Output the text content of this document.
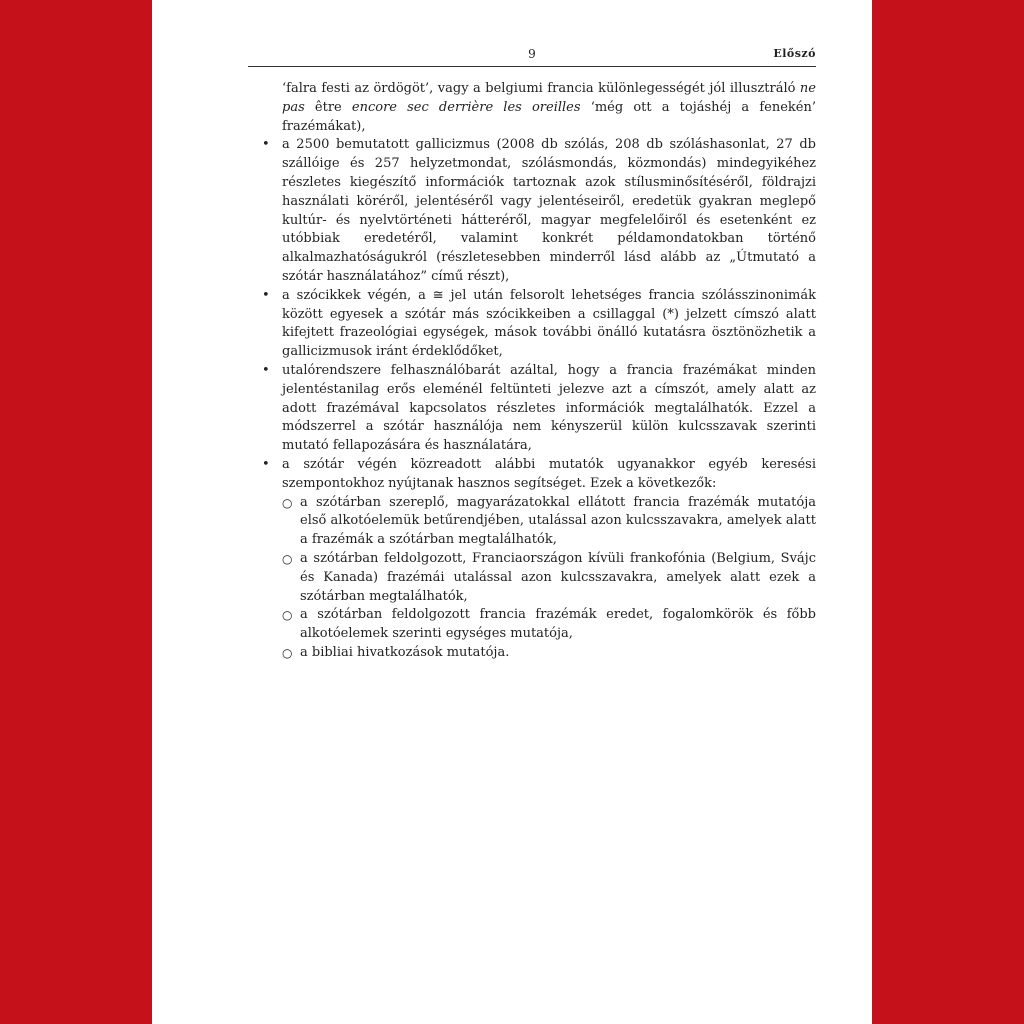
9	Előszó

‘falra festi az ördögöt’, vagy a belgiumi francia különlegességét jól illusztráló ne pas être encore sec derrière les oreilles ‘még ott a tojáshéj a fenekén’ frazémákat),

• a 2500 bemutatott gallicizmus (2008 db szólás, 208 db szóláshasonlat, 27 db szállóige és 257 helyzetmondat, szólásmondás, közmondás) mindegyikéhez részletes kiegészítő információk tartoznak azok stílusminősítéséről, földrajzi használati köréről, jelentéséről vagy jelentéseiről, eredetük gyakran meglepő kultúr- és nyelvtörténeti hátteréről, magyar megfelelőiről és esetenként ez utóbbiak eredetéről, valamint konkrét példamondatokban történő alkalmazhatóságukról (részletesebben minderről lásd alább az „Útmutató a szótár használatához” című részt),
• a szócikkek végén, a ≅ jel után felsorolt lehetséges francia szólásszinonimák között egyesek a szótár más szócikkeiben a csillaggal (*) jelzett címszó alatt kifejtett frazeológiai egységek, mások további önálló kutatásra ösztönözhetik a gallicizmusok iránt érdeklődőket,
• utalórendszere felhasználóbarát azáltal, hogy a francia frazémákat minden jelentéstanilag erős eleménél feltünteti jelezve azt a címszót, amely alatt az adott frazémával kapcsolatos részletes információk megtalálhatók. Ezzel a módszerrel a szótár használója nem kényszerül külön kulcsszavak szerinti mutató fellapozására és használatára,
• a szótár végén közreadott alábbi mutatók ugyanakkor egyéb keresési szempontokhoz nyújtanak hasznos segítséget. Ezek a következők:
○ a szótárban szereplő, magyarázatokkal ellátott francia frazémák mutatója első alkotóelemük betűrendjében, utalással azon kulcsszavakra, amelyek alatt a frazémák a szótárban megtalálhatók,
○ a szótárban feldolgozott, Franciaországon kívüli frankofónia (Belgium, Svájc és Kanada) frazémái utalással azon kulcsszavakra, amelyek alatt ezek a szótárban megtalálhatók,
○ a szótárban feldolgozott francia frazémák eredet, fogalomkörök és főbb alkotóelemek szerinti egységes mutatója,
○ a bibliai hivatkozások mutatója.
